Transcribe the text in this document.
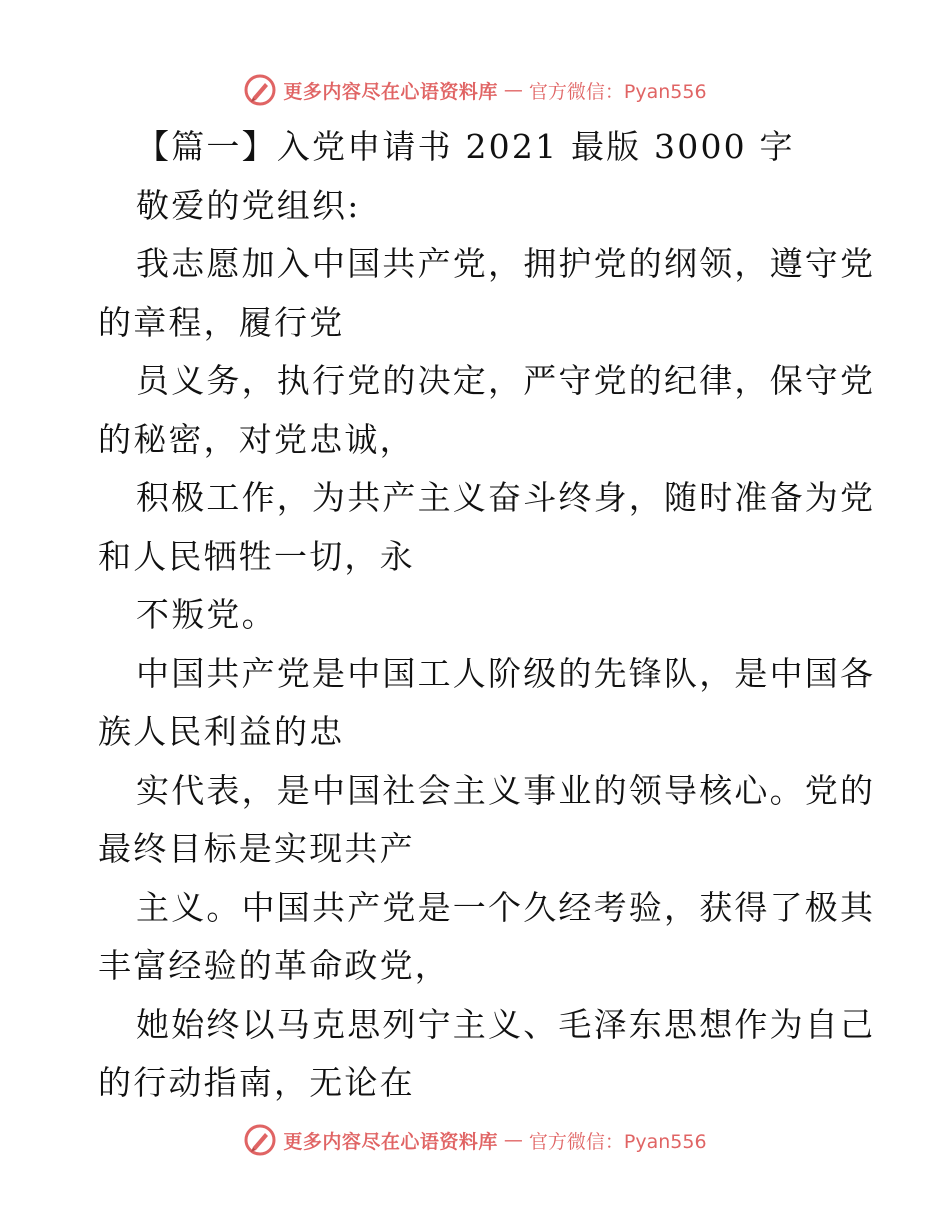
更多内容尽在心语资料库 — 官方微信：Pyan556
【篇一】入党申请书 2021 最版 3000 字
敬爱的党组织:
我志愿加入中国共产党，拥护党的纲领，遵守党
的章程，履行党
员义务，执行党的决定，严守党的纪律，保守党
的秘密，对党忠诚，
积极工作，为共产主义奋斗终身，随时准备为党
和人民牺牲一切，永
不叛党。
中国共产党是中国工人阶级的先锋队，是中国各
族人民利益的忠
实代表，是中国社会主义事业的领导核心。党的
最终目标是实现共产
主义。中国共产党是一个久经考验，获得了极其
丰富经验的革命政党，
她始终以马克思列宁主义、毛泽东思想作为自己
的行动指南，无论在
更多内容尽在心语资料库 — 官方微信：Pyan556
